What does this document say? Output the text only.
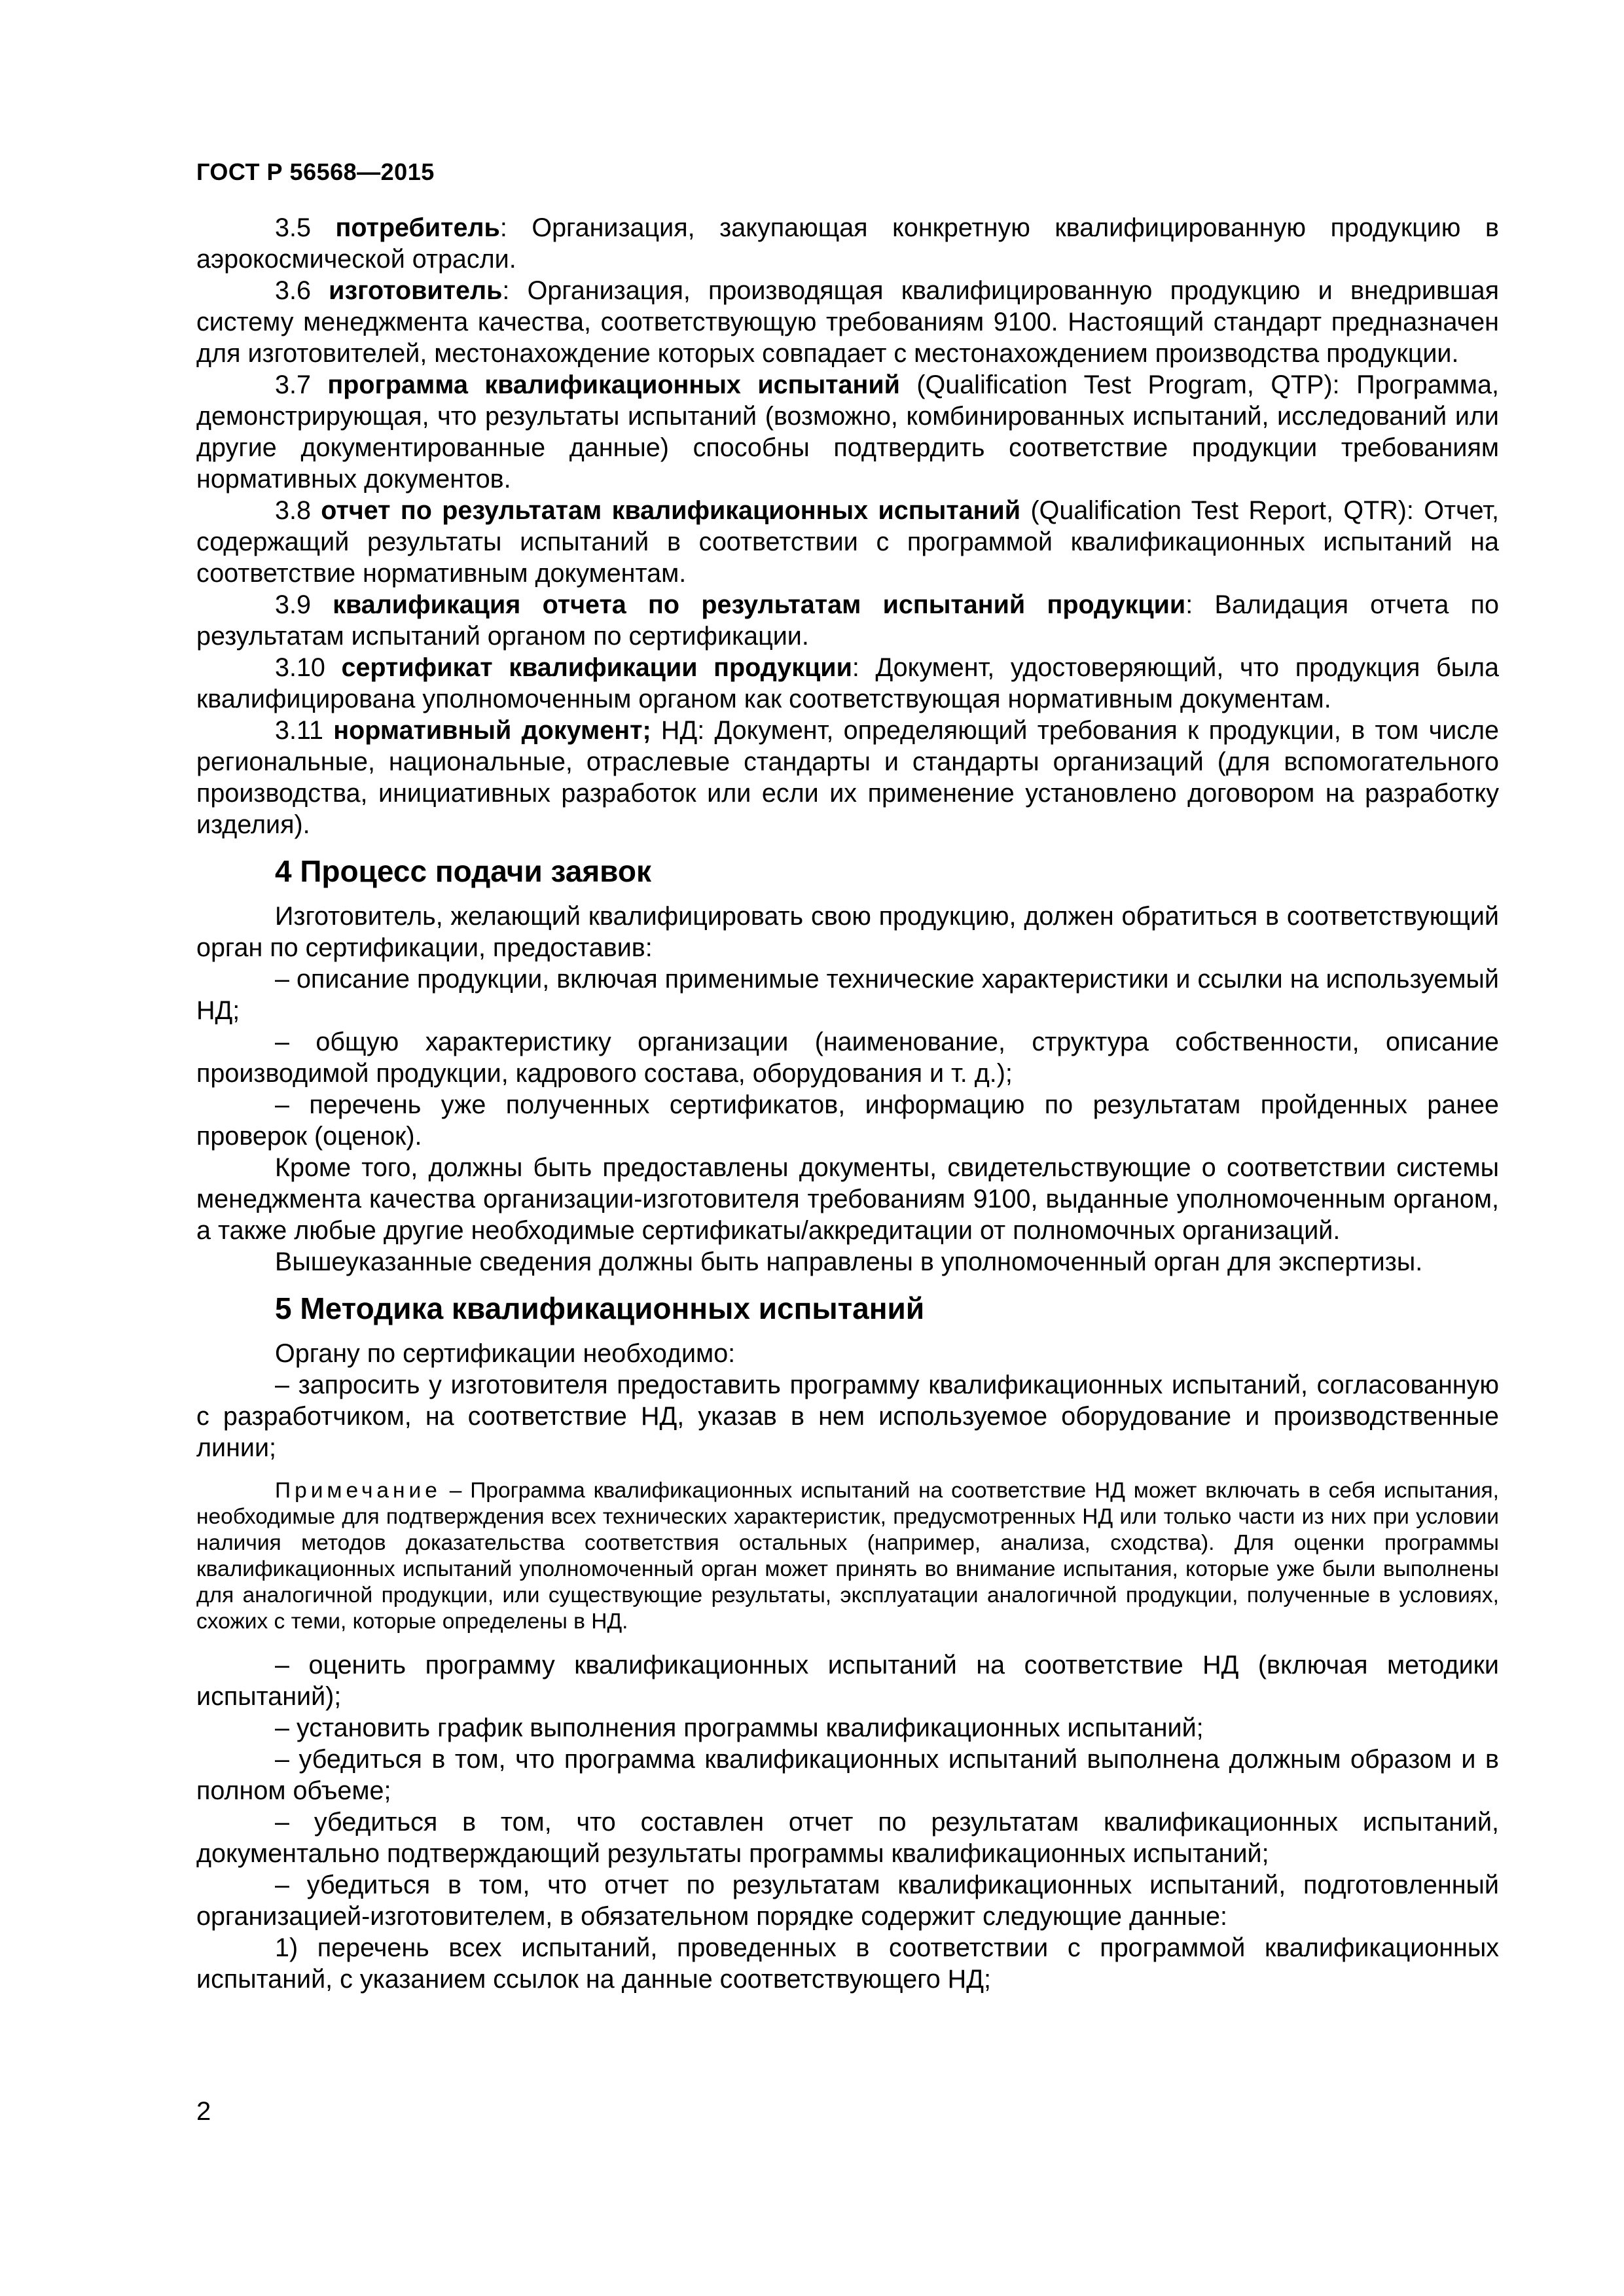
ГОСТ Р 56568—2015

3.5 потребитель: Организация, закупающая конкретную квалифицированную продукцию в аэрокосмической отрасли.

3.6 изготовитель: Организация, производящая квалифицированную продукцию и внедрившая систему менеджмента качества, соответствующую требованиям 9100. Настоящий стандарт предназначен для изготовителей, местонахождение которых совпадает с местонахождением производства продукции.

3.7 программа квалификационных испытаний (Qualification Test Program, QTP): Программа, демонстрирующая, что результаты испытаний (возможно, комбинированных испытаний, исследований или другие документированные данные) способны подтвердить соответствие продукции требованиям нормативных документов.

3.8 отчет по результатам квалификационных испытаний (Qualification Test Report, QTR): Отчет, содержащий результаты испытаний в соответствии с программой квалификационных испытаний на соответствие нормативным документам.

3.9 квалификация отчета по результатам испытаний продукции: Валидация отчета по результатам испытаний органом по сертификации.

3.10 сертификат квалификации продукции: Документ, удостоверяющий, что продукция была квалифицирована уполномоченным органом как соответствующая нормативным документам.

3.11 нормативный документ; НД: Документ, определяющий требования к продукции, в том числе региональные, национальные, отраслевые стандарты и стандарты организаций (для вспомогательного производства, инициативных разработок или если их применение установлено договором на разработку изделия).

4 Процесс подачи заявок

Изготовитель, желающий квалифицировать свою продукцию, должен обратиться в соответствующий орган по сертификации, предоставив:

– описание продукции, включая применимые технические характеристики и ссылки на используемый НД;

– общую характеристику организации (наименование, структура собственности, описание производимой продукции, кадрового состава, оборудования и т. д.);

– перечень уже полученных сертификатов, информацию по результатам пройденных ранее проверок (оценок).

Кроме того, должны быть предоставлены документы, свидетельствующие о соответствии системы менеджмента качества организации-изготовителя требованиям 9100, выданные уполномоченным органом, а также любые другие необходимые сертификаты/аккредитации от полномочных организаций.

Вышеуказанные сведения должны быть направлены в уполномоченный орган для экспертизы.

5 Методика квалификационных испытаний

Органу по сертификации необходимо:

– запросить у изготовителя предоставить программу квалификационных испытаний, согласованную с разработчиком, на соответствие НД, указав в нем используемое оборудование и производственные линии;

Примечание – Программа квалификационных испытаний на соответствие НД может включать в себя испытания, необходимые для подтверждения всех технических характеристик, предусмотренных НД или только части из них при условии наличия методов доказательства соответствия остальных (например, анализа, сходства). Для оценки программы квалификационных испытаний уполномоченный орган может принять во внимание испытания, которые уже были выполнены для аналогичной продукции, или существующие результаты, эксплуатации аналогичной продукции, полученные в условиях, схожих с теми, которые определены в НД.

– оценить программу квалификационных испытаний на соответствие НД (включая методики испытаний);

– установить график выполнения программы квалификационных испытаний;

– убедиться в том, что программа квалификационных испытаний выполнена должным образом и в полном объеме;

– убедиться в том, что составлен отчет по результатам квалификационных испытаний, документально подтверждающий результаты программы квалификационных испытаний;

– убедиться в том, что отчет по результатам квалификационных испытаний, подготовленный организацией-изготовителем, в обязательном порядке содержит следующие данные:

1) перечень всех испытаний, проведенных в соответствии с программой квалификационных испытаний, с указанием ссылок на данные соответствующего НД;

2
